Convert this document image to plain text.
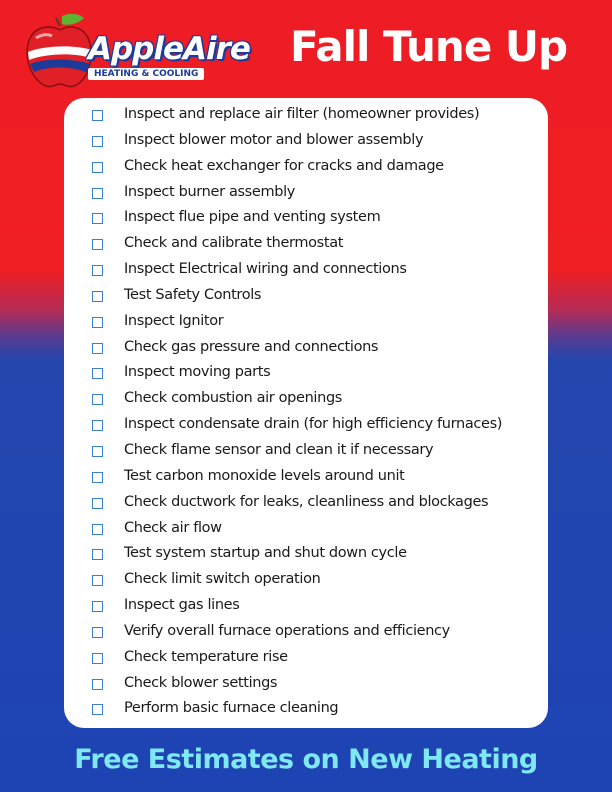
AppleAire
HEATING & COOLING
Fall Tune Up
Inspect and replace air filter (homeowner provides)
Inspect blower motor and blower assembly
Check heat exchanger for cracks and damage
Inspect burner assembly
Inspect flue pipe and venting system
Check and calibrate thermostat
Inspect Electrical wiring and connections
Test Safety Controls
Inspect Ignitor
Check gas pressure and connections
Inspect moving parts
Check combustion air openings
Inspect condensate drain (for high efficiency furnaces)
Check flame sensor and clean it if necessary
Test carbon monoxide levels around unit
Check ductwork for leaks, cleanliness and blockages
Check air flow
Test system startup and shut down cycle
Check limit switch operation
Inspect gas lines
Verify overall furnace operations and efficiency
Check temperature rise
Check blower settings
Perform basic furnace cleaning
Free Estimates on New Heating
